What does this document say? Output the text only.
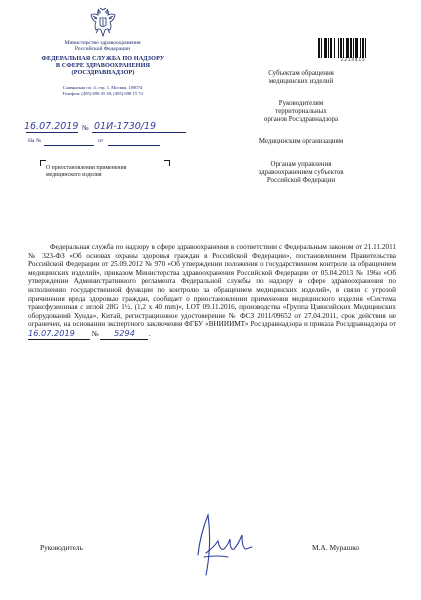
Министерство здравоохранения
Российской Федерации
ФЕДЕРАЛЬНАЯ СЛУЖБА ПО НАДЗОРУ
В СФЕРЕ ЗДРАВООХРАНЕНИЯ
(РОСЗДРАВНАДЗОР)
Славянская пл. 4, стр. 1, Москва, 109074
Телефон: (495) 698 45 38; (495) 698 15 74
16.07.2019 № 01И-1730/19
На №	от
О приостановлении применения
медицинского изделия
2314415

Субъектам обращения
медицинских изделий

Руководителям
территориальных
органов Росздравнадзора

Медицинским организациям

Органам управления
здравоохранением субъектов
Российской Федерации

Федеральная служба по надзору в сфере здравоохранения в соответствии с Федеральным законом от 21.11.2011 № 323-ФЗ «Об основах охраны здоровья граждан в Российской Федерации», постановлением Правительства Российской Федерации от 25.09.2012 № 970 «Об утверждении положения о государственном контроле за обращением медицинских изделий», приказом Министерства здравоохранения Российской Федерации от 05.04.2013 № 196н «Об утверждении Административного регламента Федеральной службы по надзору в сфере здравоохранения по исполнению государственной функции по контролю за обращением медицинских изделий», в связи с угрозой причинения вреда здоровью граждан, сообщает о приостановлении применения медицинского изделия «Система трансфузионная с иглой 28G 1½, (1,2 х 40 mm)», LOT 09.11.2016, производства «Группа Цзянсийских Медицинских оборудований Хунда», Китай, регистрационное удостоверение № ФСЗ 2011/09652 от 27.04.2011, срок действия не ограничен, на основании экспертного заключения ФГБУ «ВНИИИМТ» Росздравнадзора и приказа Росздравнадзора от 16.07.2019 № 5294 .
Руководитель	М.А. Мурашко
